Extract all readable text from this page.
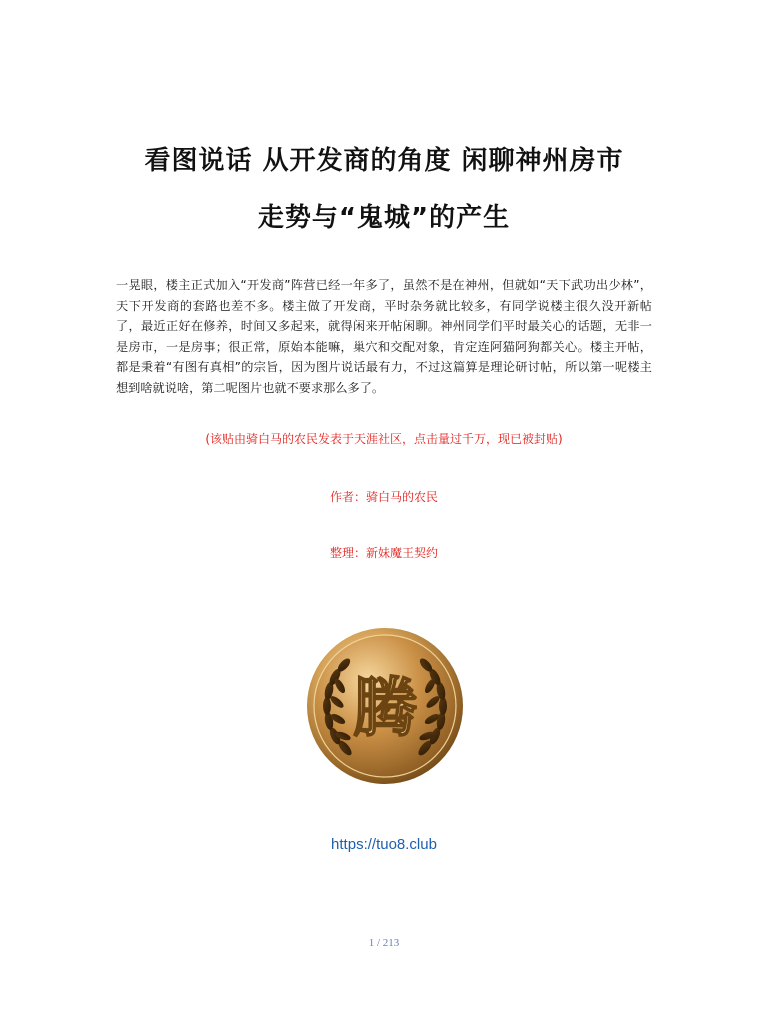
看图说话 从开发商的角度 闲聊神州房市
走势与“鬼城”的产生
一晃眼，楼主正式加入“开发商”阵营已经一年多了，虽然不是在神州，但就如“天下武功出少林”，天下开发商的套路也差不多。楼主做了开发商，平时杂务就比较多，有同学说楼主很久没开新帖了，最近正好在修养，时间又多起来，就得闲来开帖闲聊。神州同学们平时最关心的话题，无非一是房市，一是房事；很正常，原始本能嘛，巢穴和交配对象，肯定连阿猫阿狗都关心。楼主开帖，都是秉着“有图有真相”的宗旨，因为图片说话最有力，不过这篇算是理论研讨帖，所以第一呢楼主想到啥就说啥，第二呢图片也就不要求那么多了。
(该贴由骑白马的农民发表于天涯社区，点击量过千万，现已被封贴)
作者：骑白马的农民
整理：新妹魔王契约
腾
https://tuo8.club
1 / 213
